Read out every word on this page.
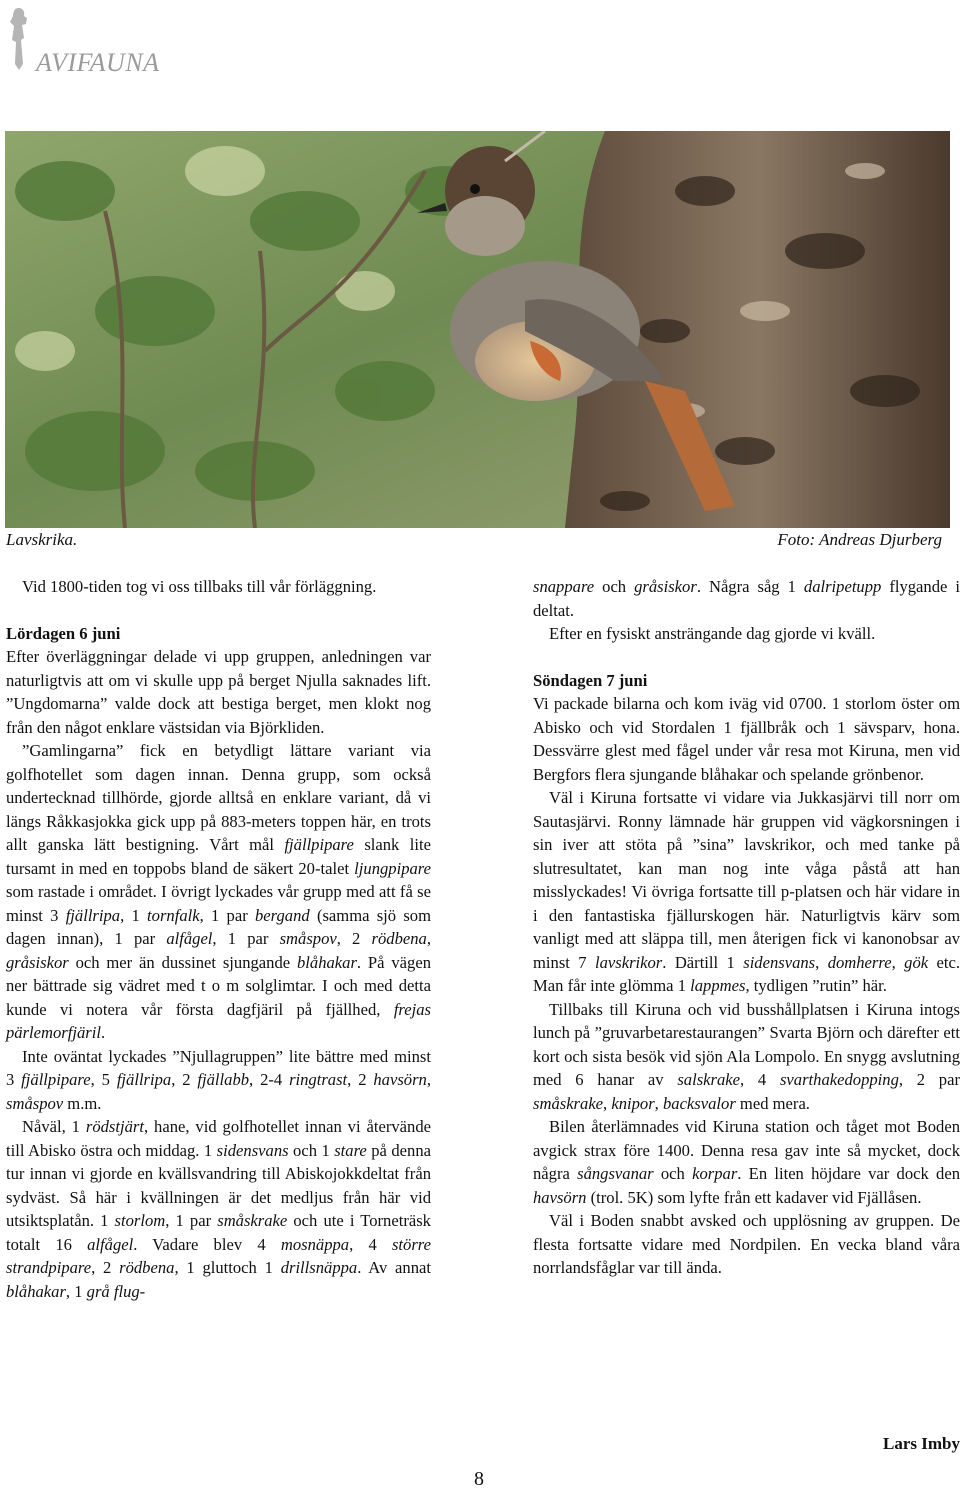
AVIFAUNA
Lavskrika.	Foto: Andreas Djurberg

Vid 1800-tiden tog vi oss tillbaks till vår förläggning.

Lördagen 6 juni

Efter överläggningar delade vi upp gruppen, anledningen var naturligtvis att om vi skulle upp på berget Njulla saknades lift. ”Ungdomarna” valde dock att bestiga berget, men klokt nog från den något enklare västsidan via Björkliden.

”Gamlingarna” fick en betydligt lättare variant via golfhotellet som dagen innan. Denna grupp, som också undertecknad tillhörde, gjorde alltså en enklare variant, då vi längs Råkkasjokka gick upp på 883-meters toppen här, en trots allt ganska lätt bestigning. Vårt mål fjällpipare slank lite tursamt in med en toppobs bland de säkert 20-talet ljungpipare som rastade i området. I övrigt lyckades vår grupp med att få se minst 3 fjällripa, 1 tornfalk, 1 par bergand (samma sjö som dagen innan), 1 par alfågel, 1 par småspov, 2 rödbena, gråsiskor och mer än dussinet sjungande blåhakar. På vägen ner bättrade sig vädret med t o m solglimtar. I och med detta kunde vi notera vår första dagfjäril på fjällhed, frejas pärlemorfjäril.

Inte oväntat lyckades ”Njullagruppen” lite bättre med minst 3 fjällpipare, 5 fjällripa, 2 fjällabb, 2-4 ringtrast, 2 havsörn, småspov m.m.

Nåväl, 1 rödstjärt, hane, vid golfhotellet innan vi återvände till Abisko östra och middag. 1 sidensvans och 1 stare på denna tur innan vi gjorde en kvällsvandring till Abiskojokkdeltat från sydväst. Så här i kvällningen är det medljus från här vid utsiktsplatån. 1 storlom, 1 par småskrake och ute i Torneträsk totalt 16 alfågel. Vadare blev 4 mosnäppa, 4 större strandpipare, 2 rödbena, 1 gluttoch 1 drillsnäppa. Av annat blåhakar, 1 grå flug-

snappare och gråsiskor. Några såg 1 dalripetupp flygande i deltat.

Efter en fysiskt ansträngande dag gjorde vi kväll.

Söndagen 7 juni

Vi packade bilarna och kom iväg vid 0700. 1 storlom öster om Abisko och vid Stordalen 1 fjällbråk och 1 sävsparv, hona. Dessvärre glest med fågel under vår resa mot Kiruna, men vid Bergfors flera sjungande blåhakar och spelande grönbenor.

Väl i Kiruna fortsatte vi vidare via Jukkasjärvi till norr om Sautasjärvi. Ronny lämnade här gruppen vid vägkorsningen i sin iver att stöta på ”sina” lavskrikor, och med tanke på slutresultatet, kan man nog inte våga påstå att han misslyckades! Vi övriga fortsatte till p-platsen och här vidare in i den fantastiska fjällurskogen här. Naturligtvis kärv som vanligt med att släppa till, men återigen fick vi kanonobsar av minst 7 lavskrikor. Därtill 1 sidensvans, domherre, gök etc. Man får inte glömma 1 lappmes, tydligen ”rutin” här.

Tillbaks till Kiruna och vid busshållplatsen i Kiruna intogs lunch på ”gruvarbetarestaurangen” Svarta Björn och därefter ett kort och sista besök vid sjön Ala Lompolo. En snygg avslutning med 6 hanar av salskrake, 4 svarthakedopping, 2 par småskrake, knipor, backsvalor med mera.

Bilen återlämnades vid Kiruna station och tåget mot Boden avgick strax före 1400. Denna resa gav inte så mycket, dock några sångsvanar och korpar. En liten höjdare var dock den havsörn (trol. 5K) som lyfte från ett kadaver vid Fjällåsen.

Väl i Boden snabbt avsked och upplösning av gruppen. De flesta fortsatte vidare med Nordpilen. En vecka bland våra norrlandsfåglar var till ända.

Lars Imby
8
